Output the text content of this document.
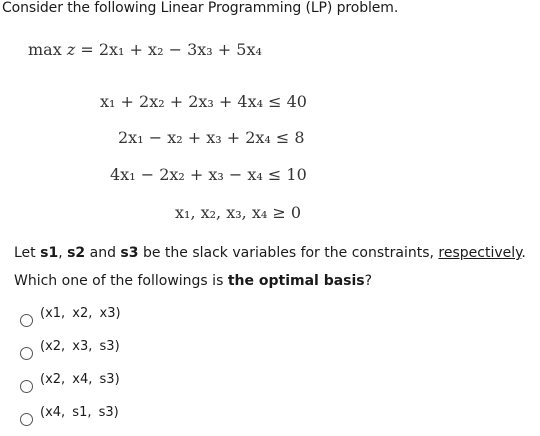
Consider the following Linear Programming (LP) problem.
max z = 2x₁ + x₂ − 3x₃ + 5x₄
x₁ + 2x₂ + 2x₃ + 4x₄ ≤ 40
2x₁ − x₂ + x₃ + 2x₄ ≤ 8
4x₁ − 2x₂ + x₃ − x₄ ≤ 10
x₁, x₂, x₃, x₄ ≥ 0
Let s1, s2 and s3 be the slack variables for the constraints, respectively.
Which one of the followings is the optimal basis?
(x1, x2, x3)
(x2, x3, s3)
(x2, x4, s3)
(x4, s1, s3)
